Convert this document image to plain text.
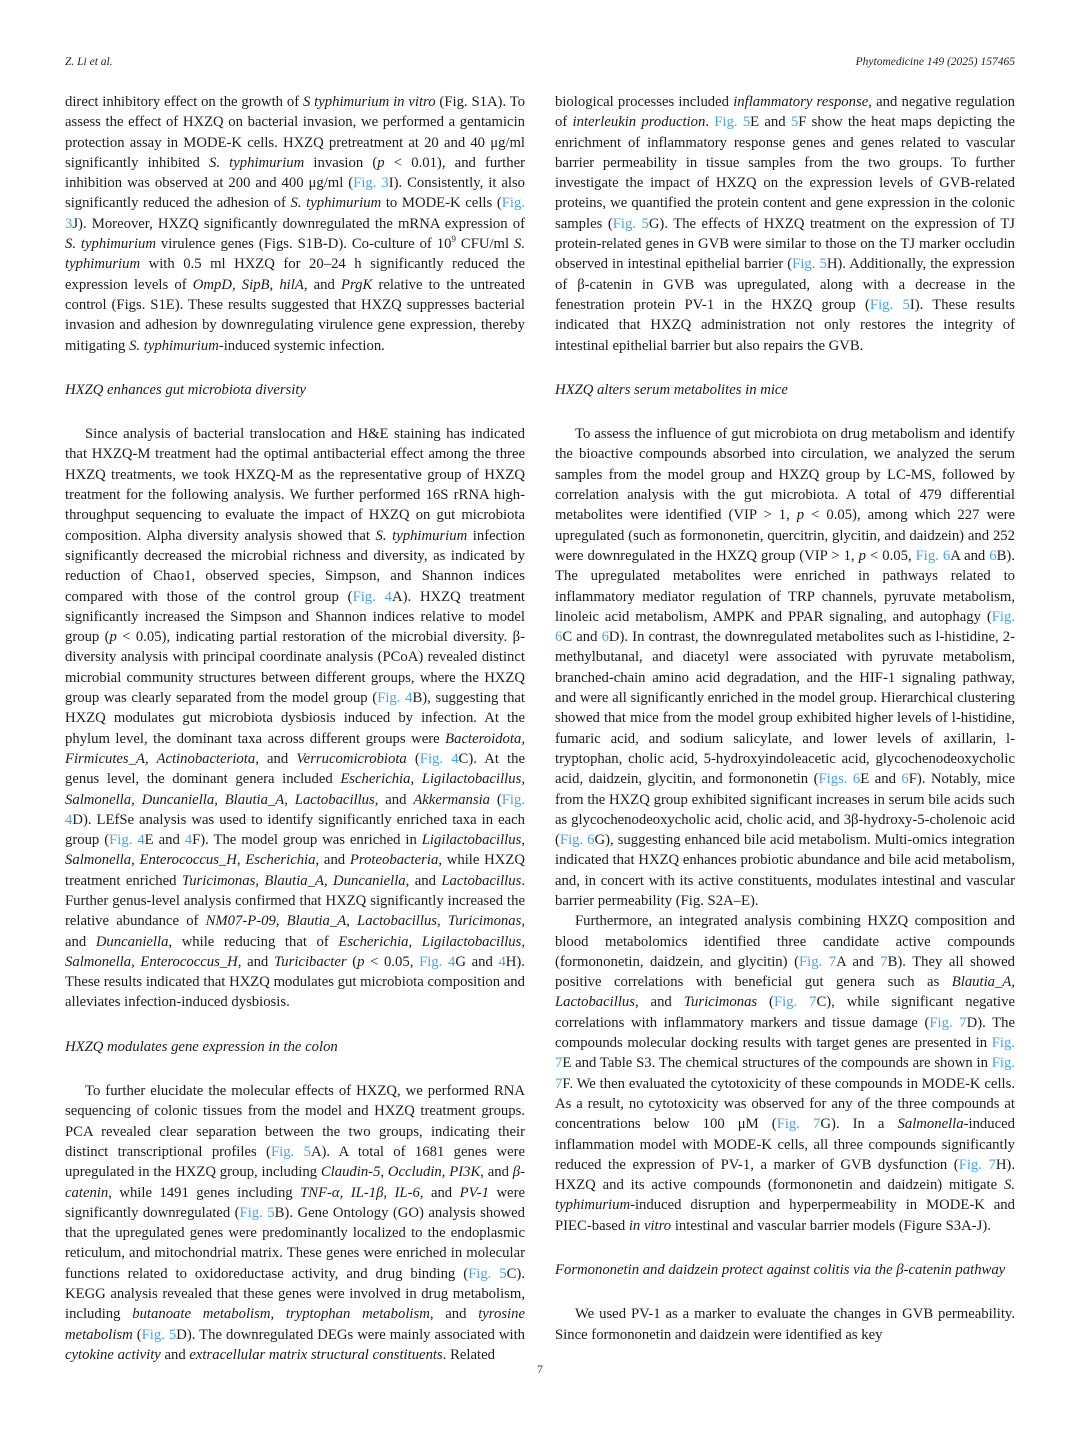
Z. Li et al.	Phytomedicine 149 (2025) 157465

direct inhibitory effect on the growth of S typhimurium in vitro (Fig. S1A). To assess the effect of HXZQ on bacterial invasion, we performed a gentamicin protection assay in MODE-K cells. HXZQ pretreatment at 20 and 40 μg/ml significantly inhibited S. typhimurium invasion (p < 0.01), and further inhibition was observed at 200 and 400 μg/ml (Fig. 3I). Consistently, it also significantly reduced the adhesion of S. typhimurium to MODE-K cells (Fig. 3J). Moreover, HXZQ significantly downregulated the mRNA expression of S. typhimurium virulence genes (Figs. S1B-D). Co-culture of $10^9$ CFU/ml S. typhimurium with 0.5 ml HXZQ for 20–24 h significantly reduced the expression levels of OmpD, SipB, hilA, and PrgK relative to the untreated control (Figs. S1E). These results suggested that HXZQ suppresses bacterial invasion and adhesion by downregulating virulence gene expression, thereby mitigating S. typhimurium-induced systemic infection.

HXZQ enhances gut microbiota diversity

Since analysis of bacterial translocation and H&E staining has indicated that HXZQ-M treatment had the optimal antibacterial effect among the three HXZQ treatments, we took HXZQ-M as the representative group of HXZQ treatment for the following analysis. We further performed 16S rRNA high-throughput sequencing to evaluate the impact of HXZQ on gut microbiota composition. Alpha diversity analysis showed that S. typhimurium infection significantly decreased the microbial richness and diversity, as indicated by reduction of Chao1, observed species, Simpson, and Shannon indices compared with those of the control group (Fig. 4A). HXZQ treatment significantly increased the Simpson and Shannon indices relative to model group (p < 0.05), indicating partial restoration of the microbial diversity. β-diversity analysis with principal coordinate analysis (PCoA) revealed distinct microbial community structures between different groups, where the HXZQ group was clearly separated from the model group (Fig. 4B), suggesting that HXZQ modulates gut microbiota dysbiosis induced by infection. At the phylum level, the dominant taxa across different groups were Bacteroidota, Firmicutes_A, Actinobacteriota, and Verrucomicrobiota (Fig. 4C). At the genus level, the dominant genera included Escherichia, Ligilactobacillus, Salmonella, Duncaniella, Blautia_A, Lactobacillus, and Akkermansia (Fig. 4D). LEfSe analysis was used to identify significantly enriched taxa in each group (Fig. 4E and 4F). The model group was enriched in Ligilactobacillus, Salmonella, Enterococcus_H, Escherichia, and Proteobacteria, while HXZQ treatment enriched Turicimonas, Blautia_A, Duncaniella, and Lactobacillus. Further genus-level analysis confirmed that HXZQ significantly increased the relative abundance of NM07-P-09, Blautia_A, Lactobacillus, Turicimonas, and Duncaniella, while reducing that of Escherichia, Ligilactobacillus, Salmonella, Enterococcus_H, and Turicibacter (p < 0.05, Fig. 4G and 4H). These results indicated that HXZQ modulates gut microbiota composition and alleviates infection-induced dysbiosis.

HXZQ modulates gene expression in the colon

To further elucidate the molecular effects of HXZQ, we performed RNA sequencing of colonic tissues from the model and HXZQ treatment groups. PCA revealed clear separation between the two groups, indicating their distinct transcriptional profiles (Fig. 5A). A total of 1681 genes were upregulated in the HXZQ group, including Claudin-5, Occludin, PI3K, and β-catenin, while 1491 genes including TNF-α, IL-1β, IL-6, and PV-1 were significantly downregulated (Fig. 5B). Gene Ontology (GO) analysis showed that the upregulated genes were predominantly localized to the endoplasmic reticulum, and mitochondrial matrix. These genes were enriched in molecular functions related to oxidoreductase activity, and drug binding (Fig. 5C). KEGG analysis revealed that these genes were involved in drug metabolism, including butanoate metabolism, tryptophan metabolism, and tyrosine metabolism (Fig. 5D). The downregulated DEGs were mainly associated with cytokine activity and extracellular matrix structural constituents. Related

biological processes included inflammatory response, and negative regulation of interleukin production. Fig. 5E and 5F show the heat maps depicting the enrichment of inflammatory response genes and genes related to vascular barrier permeability in tissue samples from the two groups. To further investigate the impact of HXZQ on the expression levels of GVB-related proteins, we quantified the protein content and gene expression in the colonic samples (Fig. 5G). The effects of HXZQ treatment on the expression of TJ protein-related genes in GVB were similar to those on the TJ marker occludin observed in intestinal epithelial barrier (Fig. 5H). Additionally, the expression of β-catenin in GVB was upregulated, along with a decrease in the fenestration protein PV-1 in the HXZQ group (Fig. 5I). These results indicated that HXZQ administration not only restores the integrity of intestinal epithelial barrier but also repairs the GVB.

HXZQ alters serum metabolites in mice

To assess the influence of gut microbiota on drug metabolism and identify the bioactive compounds absorbed into circulation, we analyzed the serum samples from the model group and HXZQ group by LC-MS, followed by correlation analysis with the gut microbiota. A total of 479 differential metabolites were identified (VIP > 1, p < 0.05), among which 227 were upregulated (such as formononetin, quercitrin, glycitin, and daidzein) and 252 were downregulated in the HXZQ group (VIP > 1, p < 0.05, Fig. 6A and 6B). The upregulated metabolites were enriched in pathways related to inflammatory mediator regulation of TRP channels, pyruvate metabolism, linoleic acid metabolism, AMPK and PPAR signaling, and autophagy (Fig. 6C and 6D). In contrast, the downregulated metabolites such as l-histidine, 2-methylbutanal, and diacetyl were associated with pyruvate metabolism, branched-chain amino acid degradation, and the HIF-1 signaling pathway, and were all significantly enriched in the model group. Hierarchical clustering showed that mice from the model group exhibited higher levels of l-histidine, fumaric acid, and sodium salicylate, and lower levels of axillarin, l-tryptophan, cholic acid, 5-hydroxyindoleacetic acid, glycochenodeoxycholic acid, daidzein, glycitin, and formononetin (Figs. 6E and 6F). Notably, mice from the HXZQ group exhibited significant increases in serum bile acids such as glycochenodeoxycholic acid, cholic acid, and 3β-hydroxy-5-cholenoic acid (Fig. 6G), suggesting enhanced bile acid metabolism. Multi-omics integration indicated that HXZQ enhances probiotic abundance and bile acid metabolism, and, in concert with its active constituents, modulates intestinal and vascular barrier permeability (Fig. S2A–E).

Furthermore, an integrated analysis combining HXZQ composition and blood metabolomics identified three candidate active compounds (formononetin, daidzein, and glycitin) (Fig. 7A and 7B). They all showed positive correlations with beneficial gut genera such as Blautia_A, Lactobacillus, and Turicimonas (Fig. 7C), while significant negative correlations with inflammatory markers and tissue damage (Fig. 7D). The compounds molecular docking results with target genes are presented in Fig. 7E and Table S3. The chemical structures of the compounds are shown in Fig. 7F. We then evaluated the cytotoxicity of these compounds in MODE-K cells. As a result, no cytotoxicity was observed for any of the three compounds at concentrations below 100 μM (Fig. 7G). In a Salmonella-induced inflammation model with MODE-K cells, all three compounds significantly reduced the expression of PV-1, a marker of GVB dysfunction (Fig. 7H). HXZQ and its active compounds (formononetin and daidzein) mitigate S. typhimurium-induced disruption and hyperpermeability in MODE-K and PIEC-based in vitro intestinal and vascular barrier models (Figure S3A-J).

Formononetin and daidzein protect against colitis via the β-catenin pathway

We used PV-1 as a marker to evaluate the changes in GVB permeability. Since formononetin and daidzein were identified as key

7
